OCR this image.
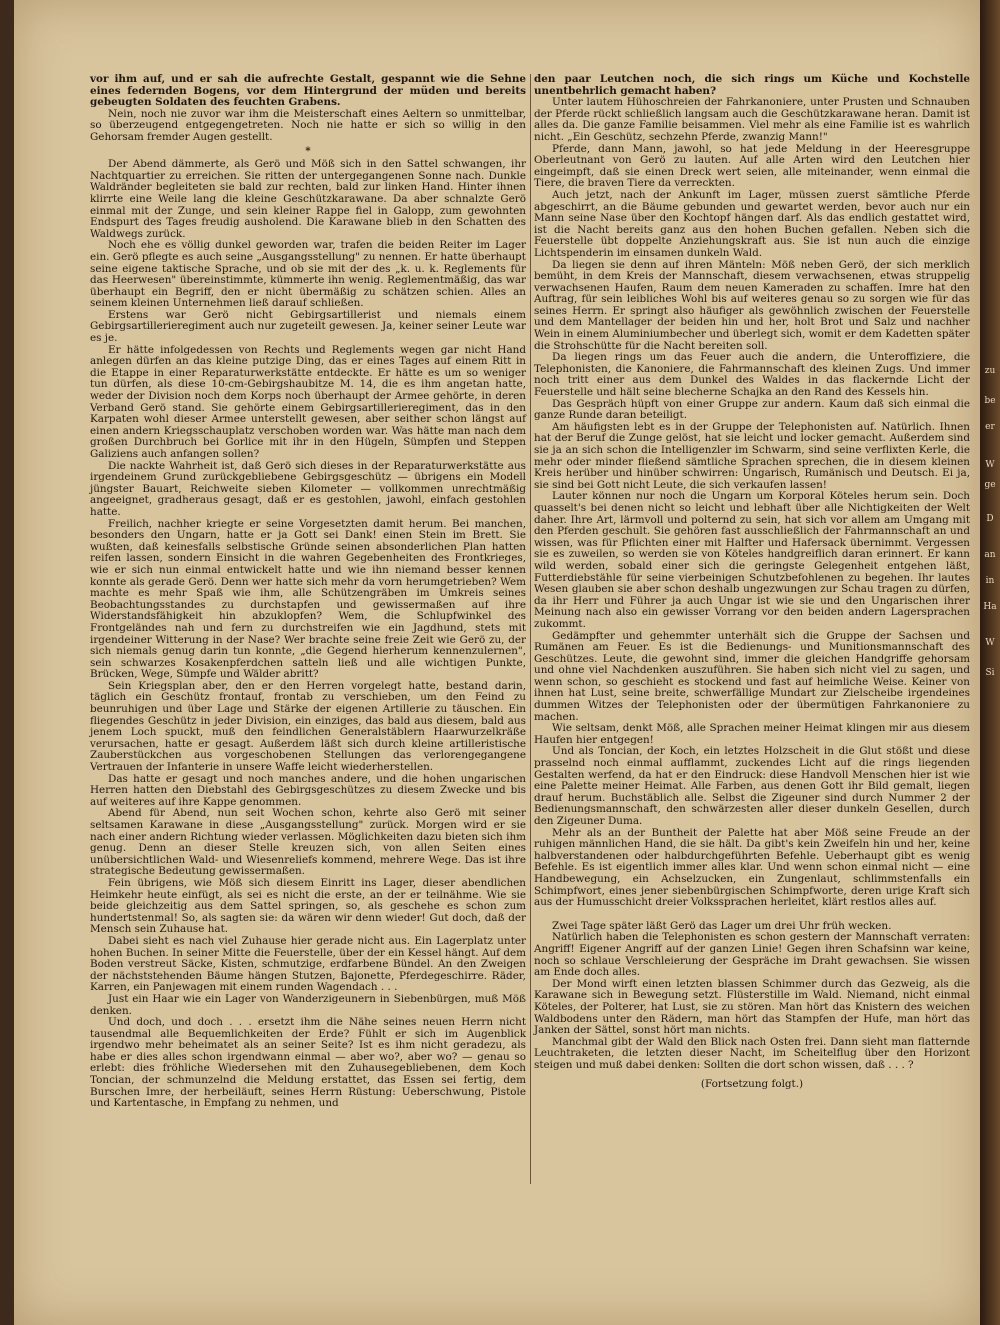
vor ihm auf, und er sah die aufrechte Gestalt, gespannt wie die Sehne eines federnden Bogens, vor dem Hintergrund der müden und bereits gebeugten Soldaten des feuchten Grabens.

Nein, noch nie zuvor war ihm die Meisterschaft eines Aeltern so unmittelbar, so überzeugend entgegengetreten. Noch nie hatte er sich so willig in den Gehorsam fremder Augen gestellt.

*

Der Abend dämmerte, als Gerö und Möß sich in den Sattel schwangen, ihr Nachtquartier zu erreichen. Sie ritten der untergegangenen Sonne nach. Dunkle Waldränder begleiteten sie bald zur rechten, bald zur linken Hand. Hinter ihnen klirrte eine Weile lang die kleine Geschützkarawane. Da aber schnalzte Gerö einmal mit der Zunge, und sein kleiner Rappe fiel in Galopp, zum gewohnten Endspurt des Tages freudig ausholend. Die Karawane blieb in den Schatten des Waldwegs zurück.

Noch ehe es völlig dunkel geworden war, trafen die beiden Reiter im Lager ein. Gerö pflegte es auch seine „Ausgangsstellung" zu nennen. Er hatte überhaupt seine eigene taktische Sprache, und ob sie mit der des „k. u. k. Reglements für das Heerwesen" übereinstimmte, kümmerte ihn wenig. Reglementmäßig, das war überhaupt ein Begriff, den er nicht übermäßig zu schätzen schien. Alles an seinem kleinen Unternehmen ließ darauf schließen.

Erstens war Gerö nicht Gebirgsartillerist und niemals einem Gebirgsartillerieregiment auch nur zugeteilt gewesen. Ja, keiner seiner Leute war es je.

Er hätte infolgedessen von Rechts und Reglements wegen gar nicht Hand anlegen dürfen an das kleine putzige Ding, das er eines Tages auf einem Ritt in die Etappe in einer Reparaturwerkstätte entdeckte. Er hätte es um so weniger tun dürfen, als diese 10-cm-Gebirgshaubitze M. 14, die es ihm angetan hatte, weder der Division noch dem Korps noch überhaupt der Armee gehörte, in deren Verband Gerö stand. Sie gehörte einem Gebirgsartillerieregiment, das in den Karpaten wohl dieser Armee unterstellt gewesen, aber seither schon längst auf einen andern Kriegsschauplatz verschoben worden war. Was hätte man nach dem großen Durchbruch bei Gorlice mit ihr in den Hügeln, Sümpfen und Steppen Galiziens auch anfangen sollen?

Die nackte Wahrheit ist, daß Gerö sich dieses in der Reparaturwerkstätte aus irgendeinem Grund zurückgebliebene Gebirgsgeschütz — übrigens ein Modell jüngster Bauart, Reichweite sieben Kilometer — vollkommen unrechtmäßig angeeignet, gradheraus gesagt, daß er es gestohlen, jawohl, einfach gestohlen hatte.

Freilich, nachher kriegte er seine Vorgesetzten damit herum. Bei manchen, besonders den Ungarn, hatte er ja Gott sei Dank! einen Stein im Brett. Sie wußten, daß keinesfalls selbstische Gründe seinen absonderlichen Plan hatten reifen lassen, sondern Einsicht in die wahren Gegebenheiten des Frontkrieges, wie er sich nun einmal entwickelt hatte und wie ihn niemand besser kennen konnte als gerade Gerö. Denn wer hatte sich mehr da vorn herumgetrieben? Wem machte es mehr Spaß wie ihm, alle Schützengräben im Umkreis seines Beobachtungsstandes zu durchstapfen und gewissermaßen auf ihre Widerstandsfähigkeit hin abzuklopfen? Wem, die Schlupfwinkel des Frontgeländes nah und fern zu durchstreifen wie ein Jagdhund, stets mit irgendeiner Witterung in der Nase? Wer brachte seine freie Zeit wie Gerö zu, der sich niemals genug darin tun konnte, „die Gegend hierherum kennenzulernen", sein schwarzes Kosakenpferdchen satteln ließ und alle wichtigen Punkte, Brücken, Wege, Sümpfe und Wälder abritt?

Sein Kriegsplan aber, den er den Herren vorgelegt hatte, bestand darin, täglich ein Geschütz frontauf, frontab zu verschieben, um den Feind zu beunruhigen und über Lage und Stärke der eigenen Artillerie zu täuschen. Ein fliegendes Geschütz in jeder Division, ein einziges, das bald aus diesem, bald aus jenem Loch spuckt, muß den feindlichen Generalstäblern Haarwurzelkräße verursachen, hatte er gesagt. Außerdem läßt sich durch kleine artilleristische Zauberstückchen aus vorgeschobenen Stellungen das verlorengegangene Vertrauen der Infanterie in unsere Waffe leicht wiederherstellen.

Das hatte er gesagt und noch manches andere, und die hohen ungarischen Herren hatten den Diebstahl des Gebirgsgeschützes zu diesem Zwecke und bis auf weiteres auf ihre Kappe genommen.

Abend für Abend, nun seit Wochen schon, kehrte also Gerö mit seiner seltsamen Karawane in diese „Ausgangsstellung" zurück. Morgen wird er sie nach einer andern Richtung wieder verlassen. Möglichkeiten dazu bieten sich ihm genug. Denn an dieser Stelle kreuzen sich, von allen Seiten eines unübersichtlichen Wald- und Wiesenreliefs kommend, mehrere Wege. Das ist ihre strategische Bedeutung gewissermaßen.

Fein übrigens, wie Möß sich diesem Einritt ins Lager, dieser abendlichen Heimkehr heute einfügt, als sei es nicht die erste, an der er teilnähme. Wie sie beide gleichzeitig aus dem Sattel springen, so, als geschehe es schon zum hundertstenmal! So, als sagten sie: da wären wir denn wieder! Gut doch, daß der Mensch sein Zuhause hat.

Dabei sieht es nach viel Zuhause hier gerade nicht aus. Ein Lagerplatz unter hohen Buchen. In seiner Mitte die Feuerstelle, über der ein Kessel hängt. Auf dem Boden verstreut Säcke, Kisten, schmutzige, erdfarbene Bündel. An den Zweigen der nächststehenden Bäume hängen Stutzen, Bajonette, Pferdegeschirre. Räder, Karren, ein Panjewagen mit einem runden Wagendach . . .

Just ein Haar wie ein Lager von Wanderzigeunern in Siebenbürgen, muß Möß denken.

Und doch, und doch . . . ersetzt ihm die Nähe seines neuen Herrn nicht tausendmal alle Bequemlichkeiten der Erde? Fühlt er sich im Augenblick irgendwo mehr beheimatet als an seiner Seite? Ist es ihm nicht geradezu, als habe er dies alles schon irgendwann einmal — aber wo?, aber wo? — genau so erlebt: dies fröhliche Wiedersehen mit den Zuhausegebliebenen, dem Koch Toncian, der schmunzelnd die Meldung erstattet, das Essen sei fertig, dem Burschen Imre, der herbeiläuft, seines Herrn Rüstung: Ueberschwung, Pistole und Kartentasche, in Empfang zu nehmen, und

den paar Leutchen noch, die sich rings um Küche und Kochstelle unentbehrlich gemacht haben?

Unter lautem Hühoschreien der Fahrkanoniere, unter Prusten und Schnauben der Pferde rückt schließlich langsam auch die Geschützkarawane heran. Damit ist alles da. Die ganze Familie beisammen. Viel mehr als eine Familie ist es wahrlich nicht. „Ein Geschütz, sechzehn Pferde, zwanzig Mann!"

Pferde, dann Mann, jawohl, so hat jede Meldung in der Heeresgruppe Oberleutnant von Gerö zu lauten. Auf alle Arten wird den Leutchen hier eingeimpft, daß sie einen Dreck wert seien, alle miteinander, wenn einmal die Tiere, die braven Tiere da verreckten.

Auch jetzt, nach der Ankunft im Lager, müssen zuerst sämtliche Pferde abgeschirrt, an die Bäume gebunden und gewartet werden, bevor auch nur ein Mann seine Nase über den Kochtopf hängen darf. Als das endlich gestattet wird, ist die Nacht bereits ganz aus den hohen Buchen gefallen. Neben sich die Feuerstelle übt doppelte Anziehungskraft aus. Sie ist nun auch die einzige Lichtspenderin im einsamen dunkeln Wald.

Da liegen sie denn auf ihren Mänteln: Möß neben Gerö, der sich merklich bemüht, in dem Kreis der Mannschaft, diesem verwachsenen, etwas struppelig verwachsenen Haufen, Raum dem neuen Kameraden zu schaffen. Imre hat den Auftrag, für sein leibliches Wohl bis auf weiteres genau so zu sorgen wie für das seines Herrn. Er springt also häufiger als gewöhnlich zwischen der Feuerstelle und dem Mantellager der beiden hin und her, holt Brot und Salz und nachher Wein in einem Aluminiumbecher und überlegt sich, womit er dem Kadetten später die Strohschütte für die Nacht bereiten soll.

Da liegen rings um das Feuer auch die andern, die Unteroffiziere, die Telephonisten, die Kanoniere, die Fahrmannschaft des kleinen Zugs. Und immer noch tritt einer aus dem Dunkel des Waldes in das flackernde Licht der Feuerstelle und hält seine blecherne Schajka an den Rand des Kessels hin.

Das Gespräch hüpft von einer Gruppe zur andern. Kaum daß sich einmal die ganze Runde daran beteiligt.

Am häufigsten lebt es in der Gruppe der Telephonisten auf. Natürlich. Ihnen hat der Beruf die Zunge gelöst, hat sie leicht und locker gemacht. Außerdem sind sie ja an sich schon die Intelligenzler im Schwarm, sind seine verflixten Kerle, die mehr oder minder fließend sämtliche Sprachen sprechen, die in diesem kleinen Kreis herüber und hinüber schwirren: Ungarisch, Rumänisch und Deutsch. Ei ja, sie sind bei Gott nicht Leute, die sich verkaufen lassen!

Lauter können nur noch die Ungarn um Korporal Köteles herum sein. Doch quasselt's bei denen nicht so leicht und lebhaft über alle Nichtigkeiten der Welt daher. Ihre Art, lärmvoll und polternd zu sein, hat sich vor allem am Umgang mit den Pferden geschult. Sie gehören fast ausschließlich der Fahrmannschaft an und wissen, was für Pflichten einer mit Halfter und Hafersack übernimmt. Vergessen sie es zuweilen, so werden sie von Köteles handgreiflich daran erinnert. Er kann wild werden, sobald einer sich die geringste Gelegenheit entgehen läßt, Futterdiebstähle für seine vierbeinigen Schutzbefohlenen zu begehen. Ihr lautes Wesen glauben sie aber schon deshalb ungezwungen zur Schau tragen zu dürfen, da ihr Herr und Führer ja auch Ungar ist wie sie und den Ungarischen ihrer Meinung nach also ein gewisser Vorrang vor den beiden andern Lagersprachen zukommt.

Gedämpfter und gehemmter unterhält sich die Gruppe der Sachsen und Rumänen am Feuer. Es ist die Bedienungs- und Munitionsmannschaft des Geschützes. Leute, die gewohnt sind, immer die gleichen Handgriffe gehorsam und ohne viel Nachdenken auszuführen. Sie haben sich nicht viel zu sagen, und wenn schon, so geschieht es stockend und fast auf heimliche Weise. Keiner von ihnen hat Lust, seine breite, schwerfällige Mundart zur Zielscheibe irgendeines dummen Witzes der Telephonisten oder der übermütigen Fahrkanoniere zu machen.

Wie seltsam, denkt Möß, alle Sprachen meiner Heimat klingen mir aus diesem Haufen hier entgegen!

Und als Toncian, der Koch, ein letztes Holzscheit in die Glut stößt und diese prasselnd noch einmal aufflammt, zuckendes Licht auf die rings liegenden Gestalten werfend, da hat er den Eindruck: diese Handvoll Menschen hier ist wie eine Palette meiner Heimat. Alle Farben, aus denen Gott ihr Bild gemalt, liegen drauf herum. Buchstäblich alle. Selbst die Zigeuner sind durch Nummer 2 der Bedienungsmannschaft, den schwärzesten aller dieser dunkeln Gesellen, durch den Zigeuner Duma.

Mehr als an der Buntheit der Palette hat aber Möß seine Freude an der ruhigen männlichen Hand, die sie hält. Da gibt's kein Zweifeln hin und her, keine halbverstandenen oder halbdurchgeführten Befehle. Ueberhaupt gibt es wenig Befehle. Es ist eigentlich immer alles klar. Und wenn schon einmal nicht — eine Handbewegung, ein Achselzucken, ein Zungenlaut, schlimmstenfalls ein Schimpfwort, eines jener siebenbürgischen Schimpfworte, deren urige Kraft sich aus der Humusschicht dreier Volkssprachen herleitet, klärt restlos alles auf.

Zwei Tage später läßt Gerö das Lager um drei Uhr früh wecken.

Natürlich haben die Telephonisten es schon gestern der Mannschaft verraten: Angriff! Eigener Angriff auf der ganzen Linie! Gegen ihren Schafsinn war keine, noch so schlaue Verschleierung der Gespräche im Draht gewachsen. Sie wissen am Ende doch alles.

Der Mond wirft einen letzten blassen Schimmer durch das Gezweig, als die Karawane sich in Bewegung setzt. Flüsterstille im Wald. Niemand, nicht einmal Köteles, der Polterer, hat Lust, sie zu stören. Man hört das Knistern des weichen Waldbodens unter den Rädern, man hört das Stampfen der Hufe, man hört das Janken der Sättel, sonst hört man nichts.

Manchmal gibt der Wald den Blick nach Osten frei. Dann sieht man flatternde Leuchtraketen, die letzten dieser Nacht, im Scheitelflug über den Horizont steigen und muß dabei denken: Sollten die dort schon wissen, daß . . . ?

(Fortsetzung folgt.)

zu
be
er
W
ge
D
an
in
Ha
W
Si
